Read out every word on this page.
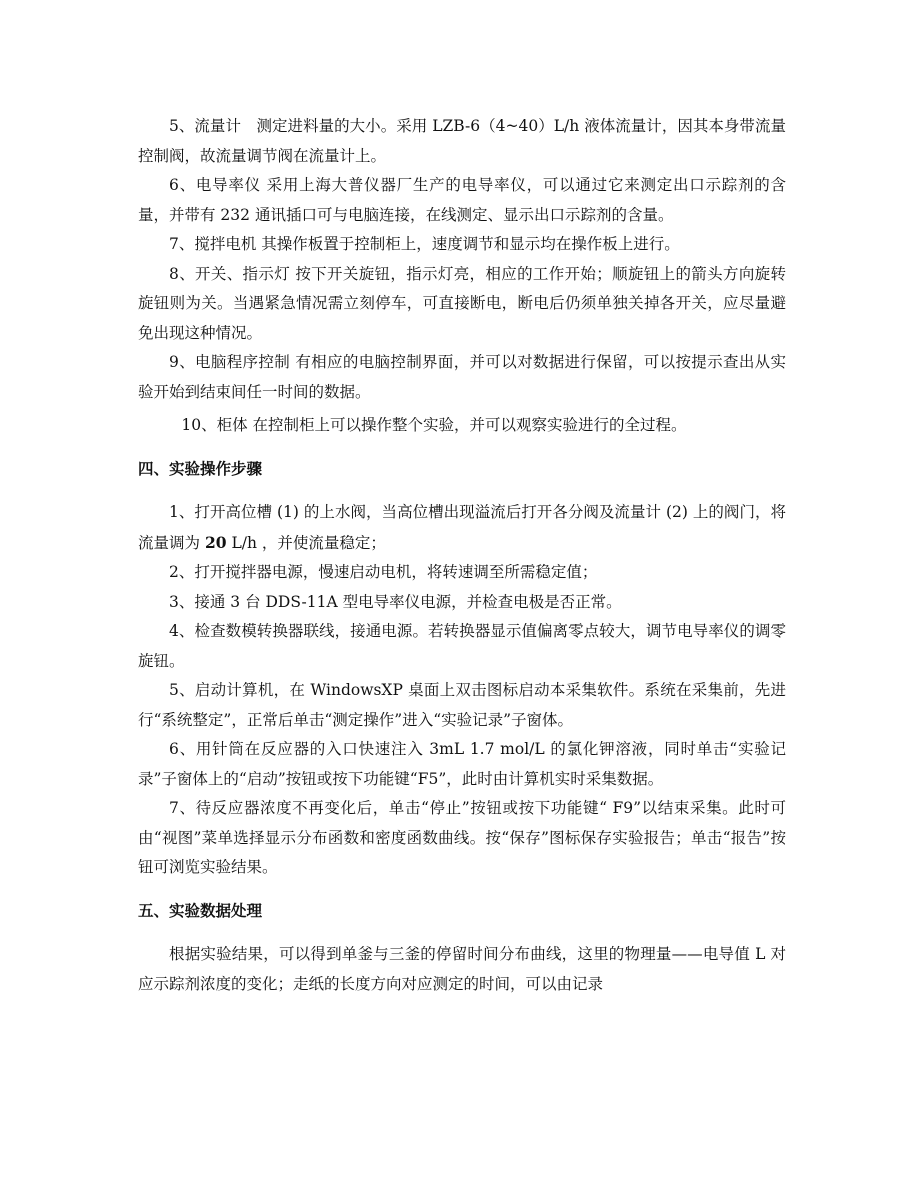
5、流量计　测定进料量的大小。采用 LZB-6（4~40）L/h 液体流量计，因其本身带流量控制阀，故流量调节阀在流量计上。

6、电导率仪 采用上海大普仪器厂生产的电导率仪，可以通过它来测定出口示踪剂的含量，并带有 232 通讯插口可与电脑连接，在线测定、显示出口示踪剂的含量。

7、搅拌电机 其操作板置于控制柜上，速度调节和显示均在操作板上进行。

8、开关、指示灯 按下开关旋钮，指示灯亮，相应的工作开始；顺旋钮上的箭头方向旋转旋钮则为关。当遇紧急情况需立刻停车，可直接断电，断电后仍须单独关掉各开关，应尽量避免出现这种情况。

9、电脑程序控制 有相应的电脑控制界面，并可以对数据进行保留，可以按提示查出从实验开始到结束间任一时间的数据。

10、柜体 在控制柜上可以操作整个实验，并可以观察实验进行的全过程。

四、实验操作步骤

1、打开高位槽 (1) 的上水阀，当高位槽出现溢流后打开各分阀及流量计 (2) 上的阀门，将流量调为 20 L/h ，并使流量稳定；

2、打开搅拌器电源，慢速启动电机，将转速调至所需稳定值；

3、接通 3 台 DDS-11A 型电导率仪电源，并检查电极是否正常。

4、检查数模转换器联线，接通电源。若转换器显示值偏离零点较大，调节电导率仪的调零旋钮。

5、启动计算机，在 WindowsXP 桌面上双击图标启动本采集软件。系统在采集前，先进行“系统整定”，正常后单击“测定操作”进入“实验记录”子窗体。

6、用针筒在反应器的入口快速注入 3mL 1.7 mol/L 的氯化钾溶液，同时单击“实验记录”子窗体上的“启动”按钮或按下功能键“F5”，此时由计算机实时采集数据。

7、待反应器浓度不再变化后，单击“停止”按钮或按下功能键“ F9”以结束采集。此时可由“视图”菜单选择显示分布函数和密度函数曲线。按“保存”图标保存实验报告；单击“报告”按钮可浏览实验结果。

五、实验数据处理

根据实验结果，可以得到单釜与三釜的停留时间分布曲线，这里的物理量——电导值 L 对应示踪剂浓度的变化；走纸的长度方向对应测定的时间，可以由记录
